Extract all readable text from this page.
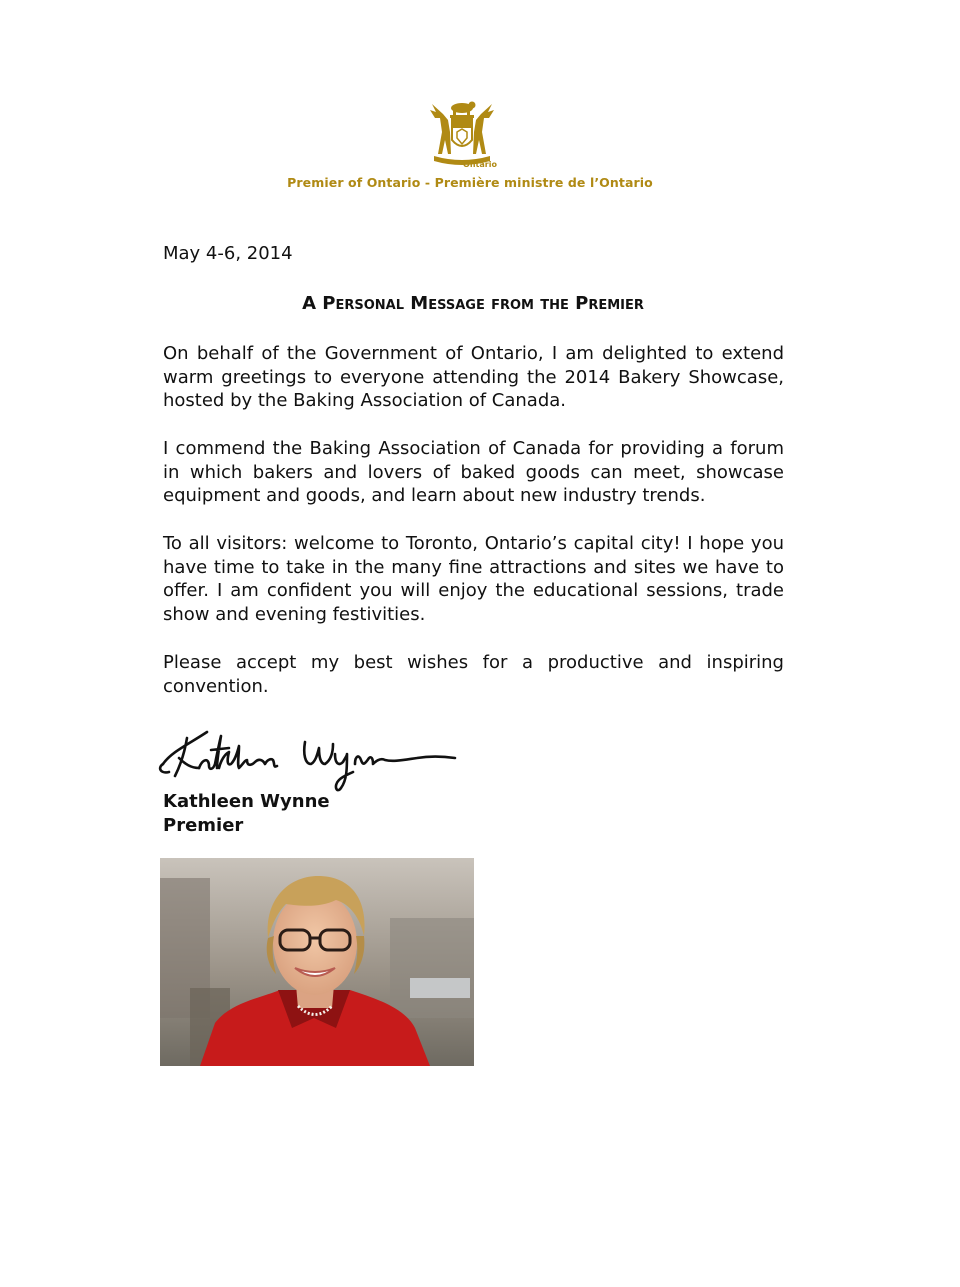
Ontario
Premier of Ontario - Première ministre de l’Ontario
May 4-6, 2014
A Personal Message from the Premier
On behalf of the Government of Ontario, I am delighted to extend warm greetings to everyone attending the 2014 Bakery Showcase, hosted by the Baking Association of Canada.
I commend the Baking Association of Canada for providing a forum in which bakers and lovers of baked goods can meet, showcase equipment and goods, and learn about new industry trends.
To all visitors: welcome to Toronto, Ontario’s capital city! I hope you have time to take in the many fine attractions and sites we have to offer. I am confident you will enjoy the educational sessions, trade show and evening festivities.
Please accept my best wishes for a productive and inspiring convention.
Kathleen Wynne
Premier
